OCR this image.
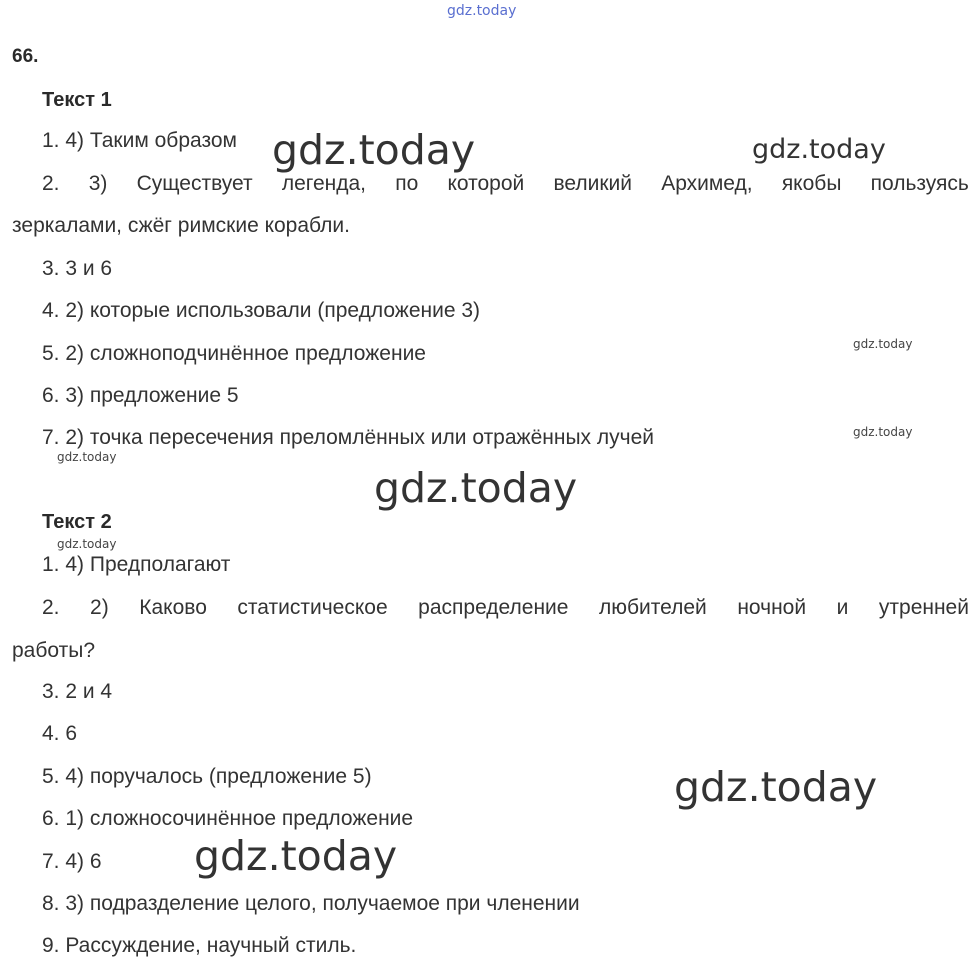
gdz.today
gdz.today	gdz.today
gdz.today
gdz.today
gdz.today
gdz.today
gdz.today
gdz.today
gdz.today
66.
Текст 1
1. 4) Таким образом
2. 3) Существует легенда, по которой великий Архимед, якобы пользуясь
зеркалами, сжёг римские корабли.
3. 3 и 6
4. 2) которые использовали (предложение 3)
5. 2) сложноподчинённое предложение
6. 3) предложение 5
7. 2) точка пересечения преломлённых или отражённых лучей
Текст 2
1. 4) Предполагают
2. 2) Каково статистическое распределение любителей ночной и утренней
работы?
3. 2 и 4
4. 6
5. 4) поручалось (предложение 5)
6. 1) сложносочинённое предложение
7. 4) 6
8. 3) подразделение целого, получаемое при членении
9. Рассуждение, научный стиль.
